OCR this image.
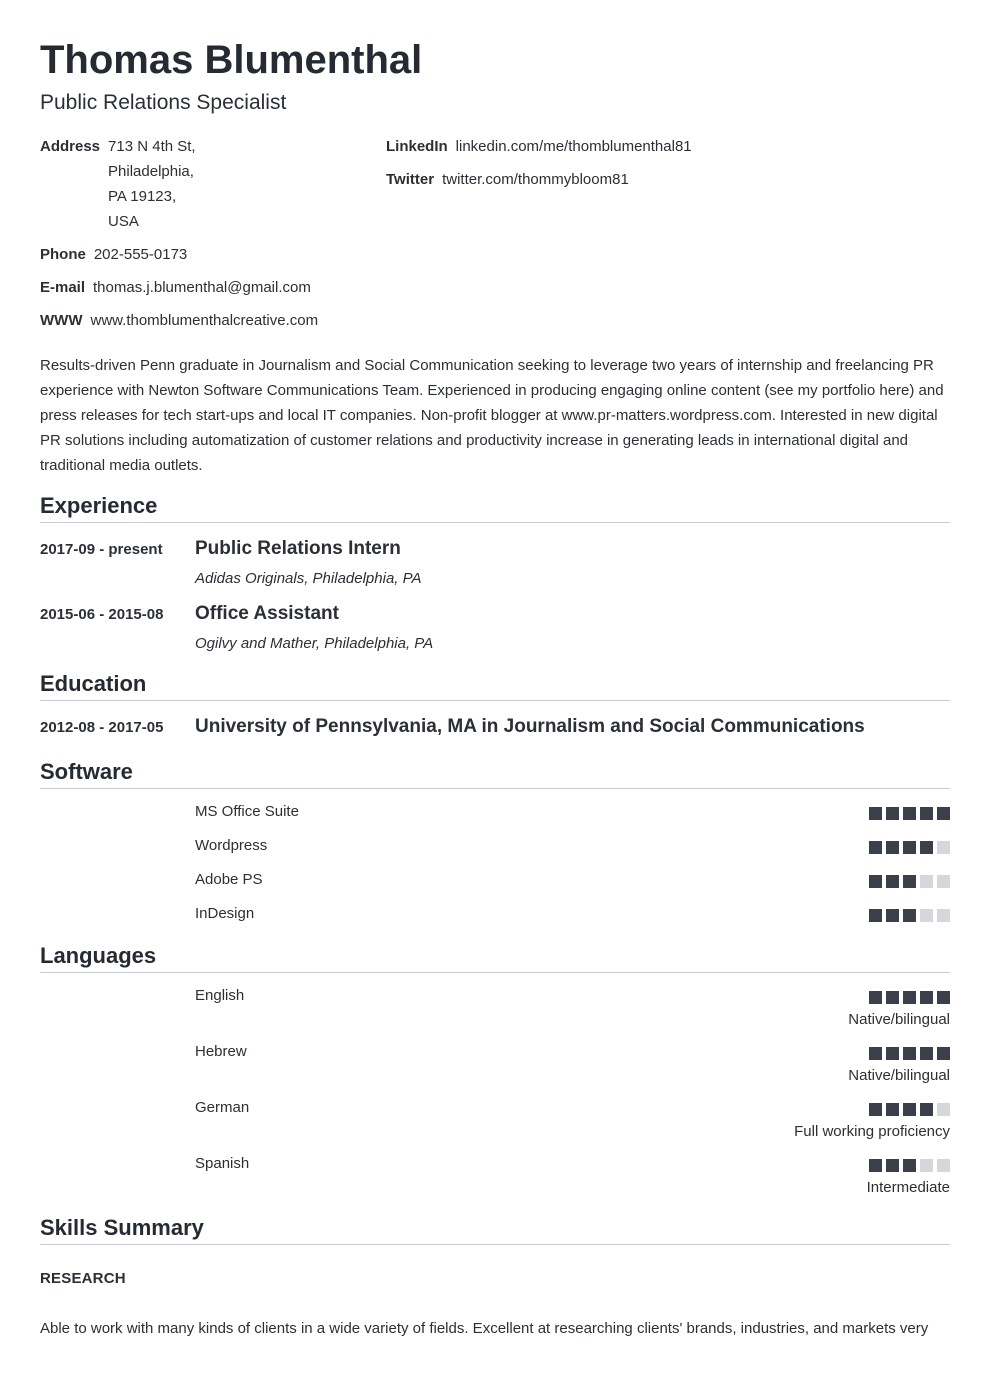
Thomas Blumenthal
Public Relations Specialist
Address 713 N 4th St,
Philadelphia,
PA 19123,
USA
Phone 202-555-0173
E-mail thomas.j.blumenthal@gmail.com
WWW www.thomblumenthalcreative.com
LinkedIn linkedin.com/me/thomblumenthal81
Twitter twitter.com/thommybloom81
Results-driven Penn graduate in Journalism and Social Communication seeking to leverage two years of internship and freelancing PR experience with Newton Software Communications Team. Experienced in producing engaging online content (see my portfolio here) and press releases for tech start-ups and local IT companies. Non-profit blogger at www.pr-matters.wordpress.com. Interested in new digital PR solutions including automatization of customer relations and productivity increase in generating leads in international digital and traditional media outlets.
Experience
2017-09 - present Public Relations Intern
Adidas Originals, Philadelphia, PA
2015-06 - 2015-08 Office Assistant
Ogilvy and Mather, Philadelphia, PA
Education
2012-08 - 2017-05 University of Pennsylvania, MA in Journalism and Social Communications
Software
MS Office Suite
Wordpress
Adobe PS
InDesign
Languages
English
Native/bilingual
Hebrew
Native/bilingual
German
Full working proficiency
Spanish
Intermediate
Skills Summary
RESEARCH
Able to work with many kinds of clients in a wide variety of fields. Excellent at researching clients' brands, industries, and markets very
